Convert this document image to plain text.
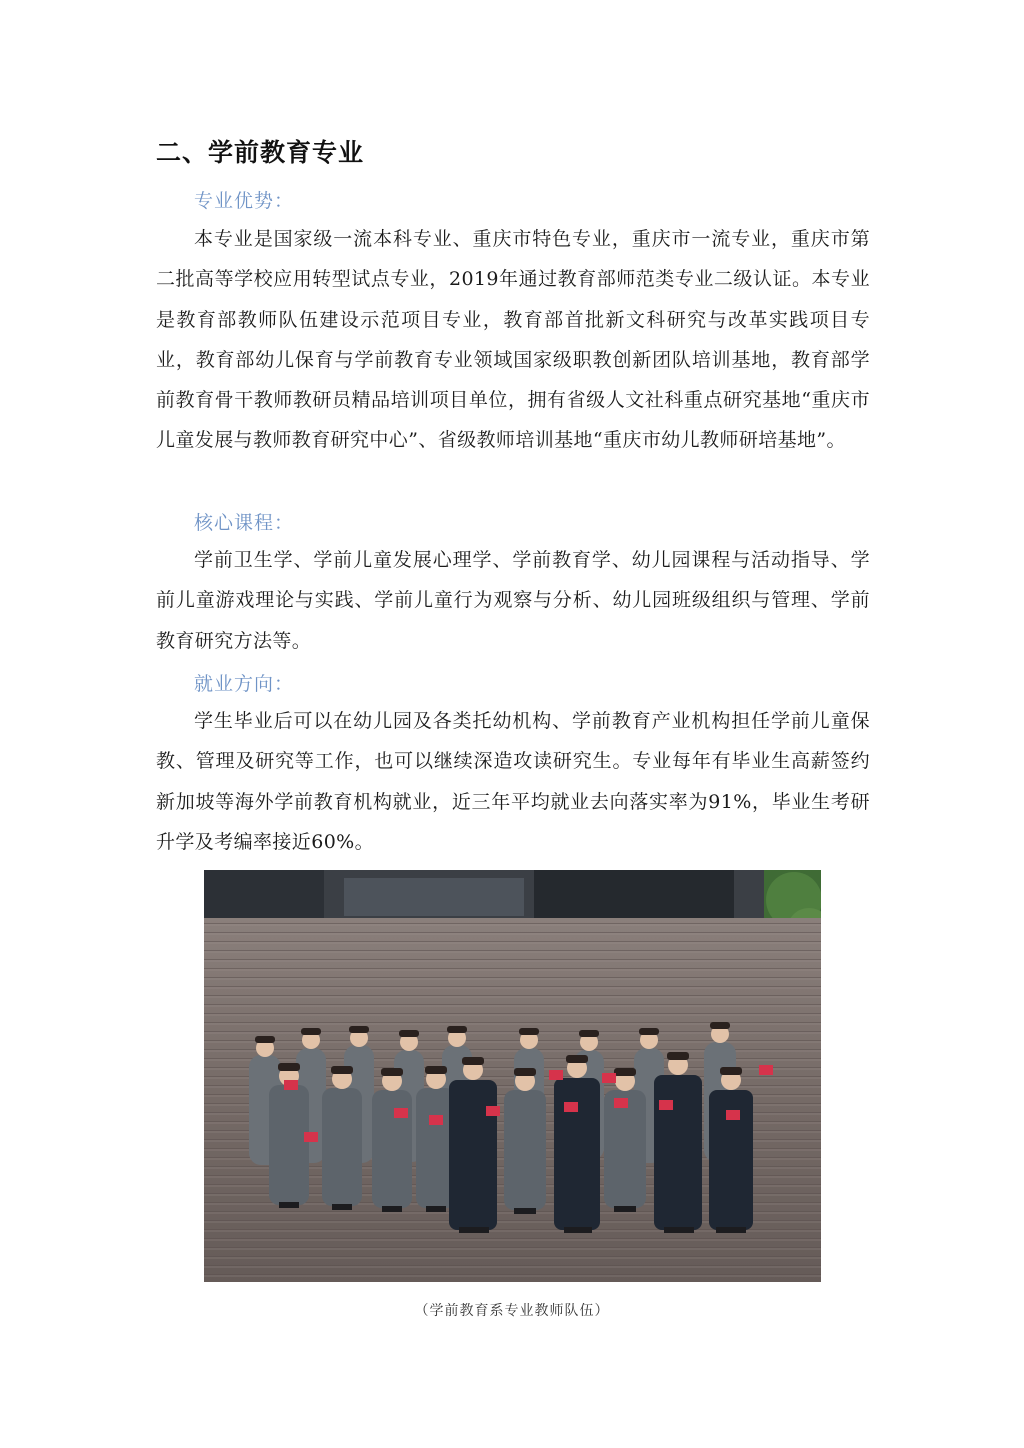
二、学前教育专业

专业优势：

本专业是国家级一流本科专业、重庆市特色专业，重庆市一流专业，重庆市第二批高等学校应用转型试点专业，2019年通过教育部师范类专业二级认证。本专业是教育部教师队伍建设示范项目专业，教育部首批新文科研究与改革实践项目专业，教育部幼儿保育与学前教育专业领域国家级职教创新团队培训基地，教育部学前教育骨干教师教研员精品培训项目单位，拥有省级人文社科重点研究基地“重庆市儿童发展与教师教育研究中心”、省级教师培训基地“重庆市幼儿教师研培基地”。

核心课程：

学前卫生学、学前儿童发展心理学、学前教育学、幼儿园课程与活动指导、学前儿童游戏理论与实践、学前儿童行为观察与分析、幼儿园班级组织与管理、学前教育研究方法等。

就业方向：

学生毕业后可以在幼儿园及各类托幼机构、学前教育产业机构担任学前儿童保教、管理及研究等工作，也可以继续深造攻读研究生。专业每年有毕业生高薪签约新加坡等海外学前教育机构就业，近三年平均就业去向落实率为91%，毕业生考研升学及考编率接近60%。

（学前教育系专业教师队伍）
